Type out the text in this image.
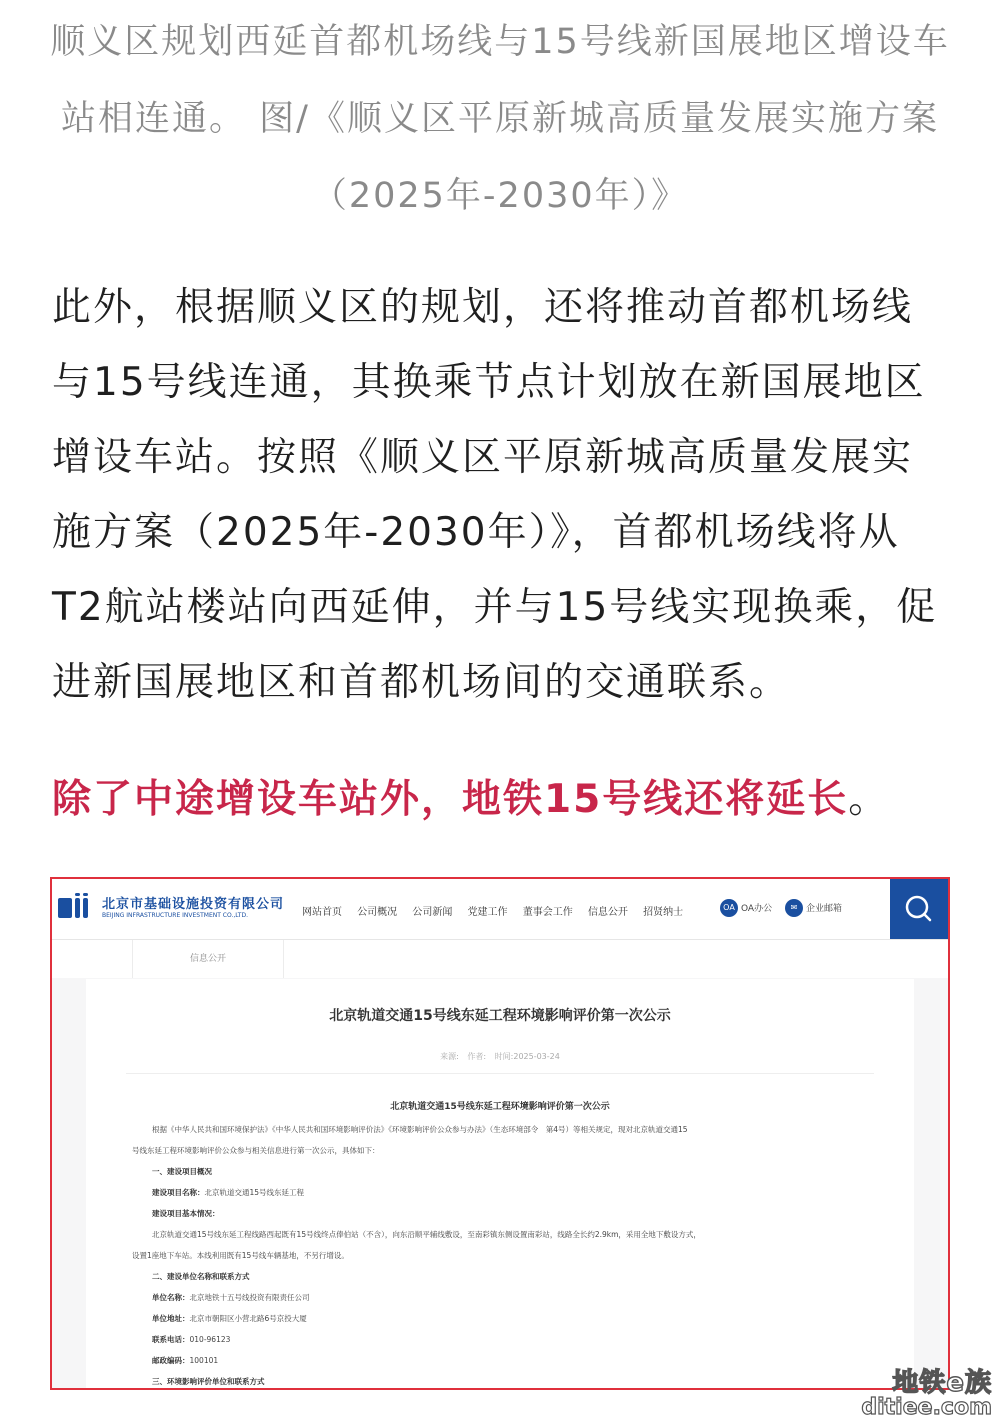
顺义区规划西延首都机场线与15号线新国展地区增设车
站相连通。 图/《顺义区平原新城高质量发展实施方案
（2025年-2030年）》
此外，根据顺义区的规划，还将推动首都机场线
与15号线连通，其换乘节点计划放在新国展地区
增设车站。按照《顺义区平原新城高质量发展实
施方案（2025年-2030年）》，首都机场线将从
T2航站楼站向西延伸，并与15号线实现换乘，促
进新国展地区和首都机场间的交通联系。
除了中途增设车站外，地铁15号线还将延长。
北京市基础设施投资有限公司
BEIJING INFRASTRUCTURE INVESTMENT CO.,LTD.	网站首页 公司概况 公司新闻 党建工作 董事会工作 信息公开 招贤纳士	OA OA办公 ✉ 企业邮箱
信息公开
北京轨道交通15号线东延工程环境影响评价第一次公示
来源: 作者: 时间:2025-03-24
北京轨道交通15号线东延工程环境影响评价第一次公示
根据《中华人民共和国环境保护法》《中华人民共和国环境影响评价法》《环境影响评价公众参与办法》（生态环境部令　第4号）等相关规定，现对北京轨道交通15
号线东延工程环境影响评价公众参与相关信息进行第一次公示，具体如下：
一、建设项目概况
建设项目名称：北京轨道交通15号线东延工程
建设项目基本情况：
北京轨道交通15号线东延工程线路西起既有15号线终点俸伯站（不含），向东沿顺平辅线敷设，至南彩镇东侧设置南彩站，线路全长约2.9km，采用全地下敷设方式，
设置1座地下车站。本线利用既有15号线车辆基地，不另行增设。
二、建设单位名称和联系方式
单位名称：北京地铁十五号线投资有限责任公司
单位地址：北京市朝阳区小营北路6号京投大厦
联系电话：010-96123
邮政编码：100101
三、环境影响评价单位和联系方式	地铁e族
ditiee.com
